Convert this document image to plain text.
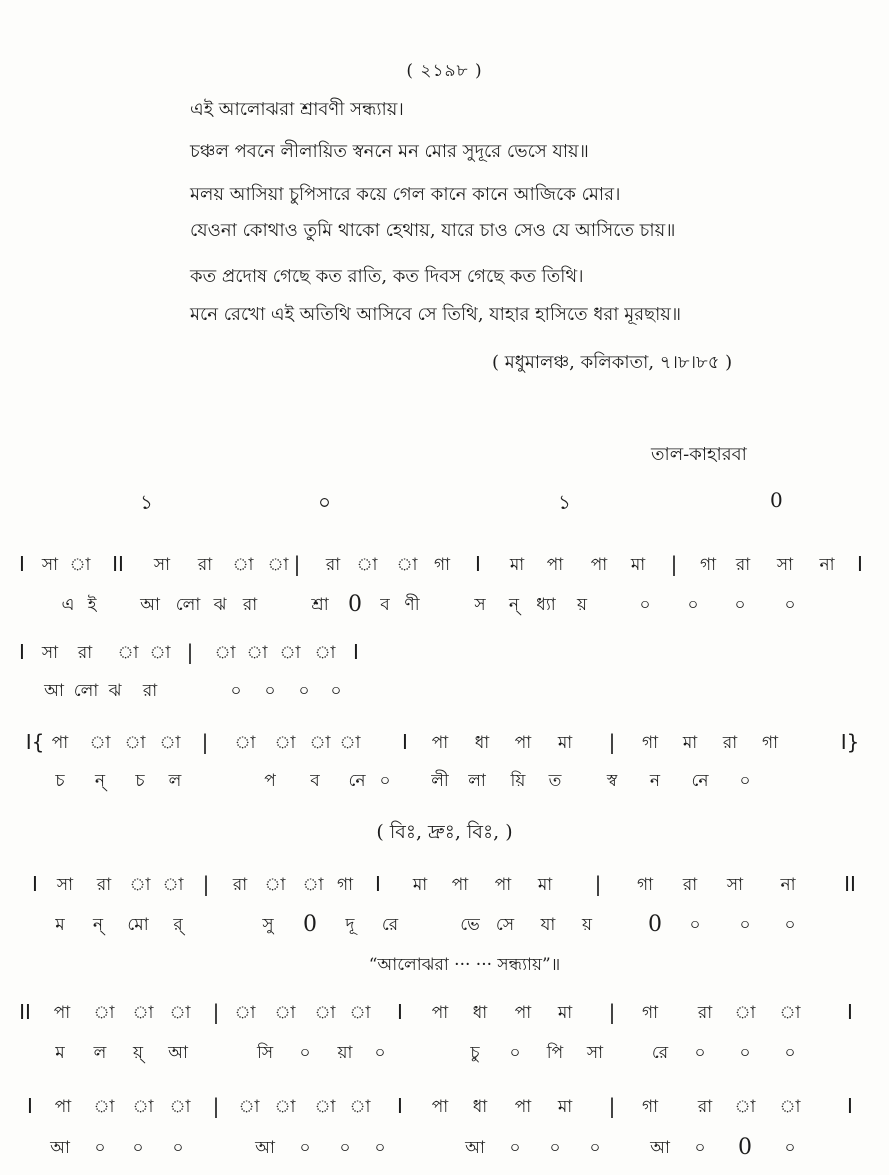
( ২১৯৮ )
এই আলোঝরা শ্রাবণী সন্ধ্যায়।
চঞ্চল পবনে লীলায়িত স্বননে মন মোর সুদূরে ভেসে যায়॥
মলয় আসিয়া চুপিসারে কয়ে গেল কানে কানে আজিকে মোর।
যেওনা কোথাও তুমি থাকো হেথায়, যারে চাও সেও যে আসিতে চায়॥
কত প্রদোষ গেছে কত রাতি, কত দিবস গেছে কত তিথি।
মনে রেখো এই অতিথি আসিবে সে তিথি, যাহার হাসিতে ধরা মূরছায়॥
( মধুমালঞ্চ, কলিকাতা, ৭।৮।৮৫ )
তাল-কাহারবা
১	০	১	0
I সা া II সা রা া া | রা া া গা I মা পা পা মা | গা রা সা না I
এ ই	আ লো ঝ রা	শ্রা 0 ব ণী	স ন্ ধ্যা য়	০ ০ ০ ০
I সা রা া া | া া া া I
আ লো ঝ রা	০ ০ ০ ০
I{ পা া া া | া া া া I পা ধা পা মা | গা মা রা গা	I}
চ ন্ চ ল	প ব নে ০ লী লা য়ি ত	স্ব ন নে ০
I সা রা া া | রা া া গা I মা পা পা মা | গা রা সা না II
ম ন্ মো র্	সু 0 দূ রে	ভে সে যা য়	0 ০ ০ ০
II পা া া া | া া া া I পা ধা পা মা | গা রা া া I
ম ল য়্ আ	সি ০ য়া ০	চু ০ পি সা	রে ০ ০ ০
I পা া া া | া া া া I পা ধা পা মা | গা রা া া I
আ ০ ০ ০	আ ০ ০ ০	আ ০ ০ ০	আ ০ 0 ০
( বিঃ, দ্রুঃ, বিঃ, )
“আলোঝরা ··· ··· সন্ধ্যায়”॥
